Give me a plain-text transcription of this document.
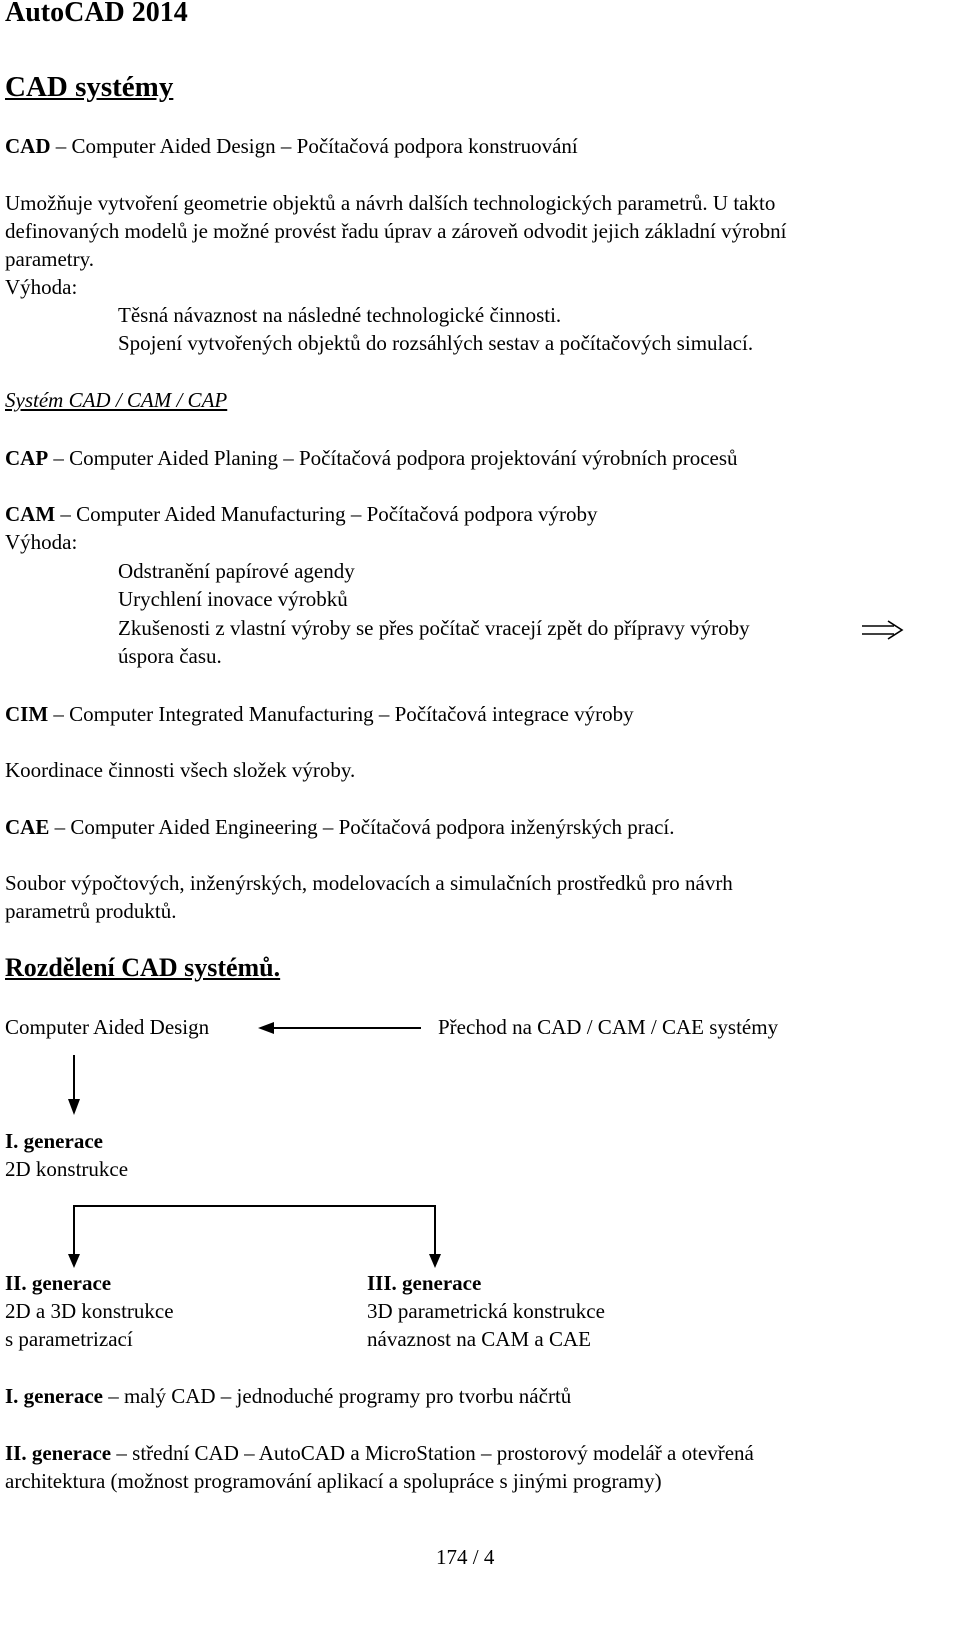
AutoCAD 2014
CAD systémy
CAD – Computer Aided Design – Počítačová podpora konstruování
Umožňuje vytvoření geometrie objektů a návrh dalších technologických parametrů. U takto
definovaných modelů je možné provést řadu úprav a zároveň odvodit jejich základní výrobní
parametry.
Výhoda:
Těsná návaznost na následné technologické činnosti.
Spojení vytvořených objektů do rozsáhlých sestav a počítačových simulací.
Systém CAD / CAM / CAP
CAP – Computer Aided Planing – Počítačová podpora projektování výrobních procesů
CAM – Computer Aided Manufacturing – Počítačová podpora výroby
Výhoda:
Odstranění papírové agendy
Urychlení inovace výrobků
Zkušenosti z vlastní výroby se přes počítač vracejí zpět do přípravy výroby
úspora času.
CIM – Computer Integrated Manufacturing – Počítačová integrace výroby
Koordinace činnosti všech složek výroby.
CAE – Computer Aided Engineering – Počítačová podpora inženýrských prací.
Soubor výpočtových, inženýrských, modelovacích a simulačních prostředků pro návrh
parametrů produktů.
Rozdělení CAD systémů.
Computer Aided Design	Přechod na CAD / CAM / CAE systémy
I. generace
2D konstrukce
II. generace
2D a 3D konstrukce
s parametrizací
III. generace
3D parametrická konstrukce
návaznost na CAM a CAE
I. generace – malý CAD – jednoduché programy pro tvorbu náčrtů
II. generace – střední CAD – AutoCAD a MicroStation – prostorový modelář a otevřená
architektura (možnost programování aplikací a spolupráce s jinými programy)
174 / 4
